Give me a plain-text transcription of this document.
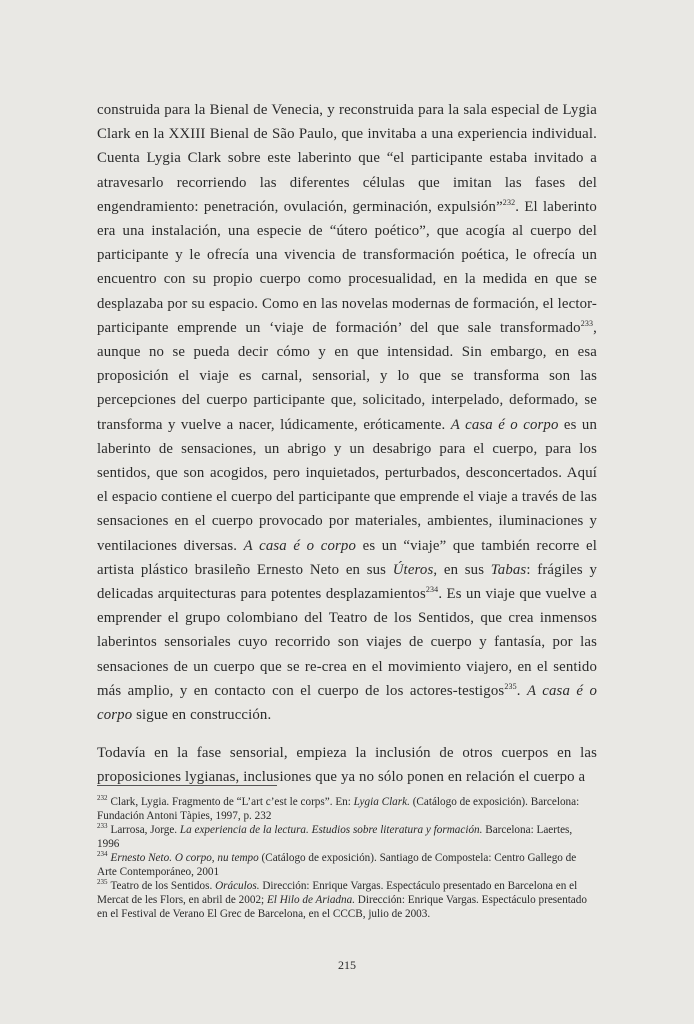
construida para la Bienal de Venecia, y reconstruida para la sala especial de Lygia Clark en la XXIII Bienal de São Paulo, que invitaba a una experiencia individual. Cuenta Lygia Clark sobre este laberinto que “el participante estaba invitado a atravesarlo recorriendo las diferentes células que imitan las fases del engendramiento: penetración, ovulación, germinación, expulsión”$^{232}$. El laberinto era una instalación, una especie de “útero poético”, que acogía al cuerpo del participante y le ofrecía una vivencia de transformación poética, le ofrecía un encuentro con su propio cuerpo como procesualidad, en la medida en que se desplazaba por su espacio. Como en las novelas modernas de formación, el lector-participante emprende un ‘viaje de formación’ del que sale transformado$^{233}$, aunque no se pueda decir cómo y en que intensidad. Sin embargo, en esa proposición el viaje es carnal, sensorial, y lo que se transforma son las percepciones del cuerpo participante que, solicitado, interpelado, deformado, se transforma y vuelve a nacer, lúdicamente, eróticamente. A casa é o corpo es un laberinto de sensaciones, un abrigo y un desabrigo para el cuerpo, para los sentidos, que son acogidos, pero inquietados, perturbados, desconcertados. Aquí el espacio contiene el cuerpo del participante que emprende el viaje a través de las sensaciones en el cuerpo provocado por materiales, ambientes, iluminaciones y ventilaciones diversas. A casa é o corpo es un “viaje” que también recorre el artista plástico brasileño Ernesto Neto en sus Úteros, en sus Tabas: frágiles y delicadas arquitecturas para potentes desplazamientos$^{234}$. Es un viaje que vuelve a emprender el grupo colombiano del Teatro de los Sentidos, que crea inmensos laberintos sensoriales cuyo recorrido son viajes de cuerpo y fantasía, por las sensaciones de un cuerpo que se re-crea en el movimiento viajero, en el sentido más amplio, y en contacto con el cuerpo de los actores-testigos$^{235}$. A casa é o corpo sigue en construcción.

Todavía en la fase sensorial, empieza la inclusión de otros cuerpos en las proposiciones lygianas, inclusiones que ya no sólo ponen en relación el cuerpo a

$^{232}$ Clark, Lygia. Fragmento de “L’art c’est le corps”. En: Lygia Clark. (Catálogo de exposición). Barcelona: Fundación Antoni Tàpies, 1997, p. 232

$^{233}$ Larrosa, Jorge. La experiencia de la lectura. Estudios sobre literatura y formación. Barcelona: Laertes, 1996

$^{234}$ Ernesto Neto. O corpo, nu tempo (Catálogo de exposición). Santiago de Compostela: Centro Gallego de Arte Contemporáneo, 2001

$^{235}$ Teatro de los Sentidos. Oráculos. Dirección: Enrique Vargas. Espectáculo presentado en Barcelona en el Mercat de les Flors, en abril de 2002; El Hilo de Ariadna. Dirección: Enrique Vargas. Espectáculo presentado en el Festival de Verano El Grec de Barcelona, en el CCCB, julio de 2003.

215
